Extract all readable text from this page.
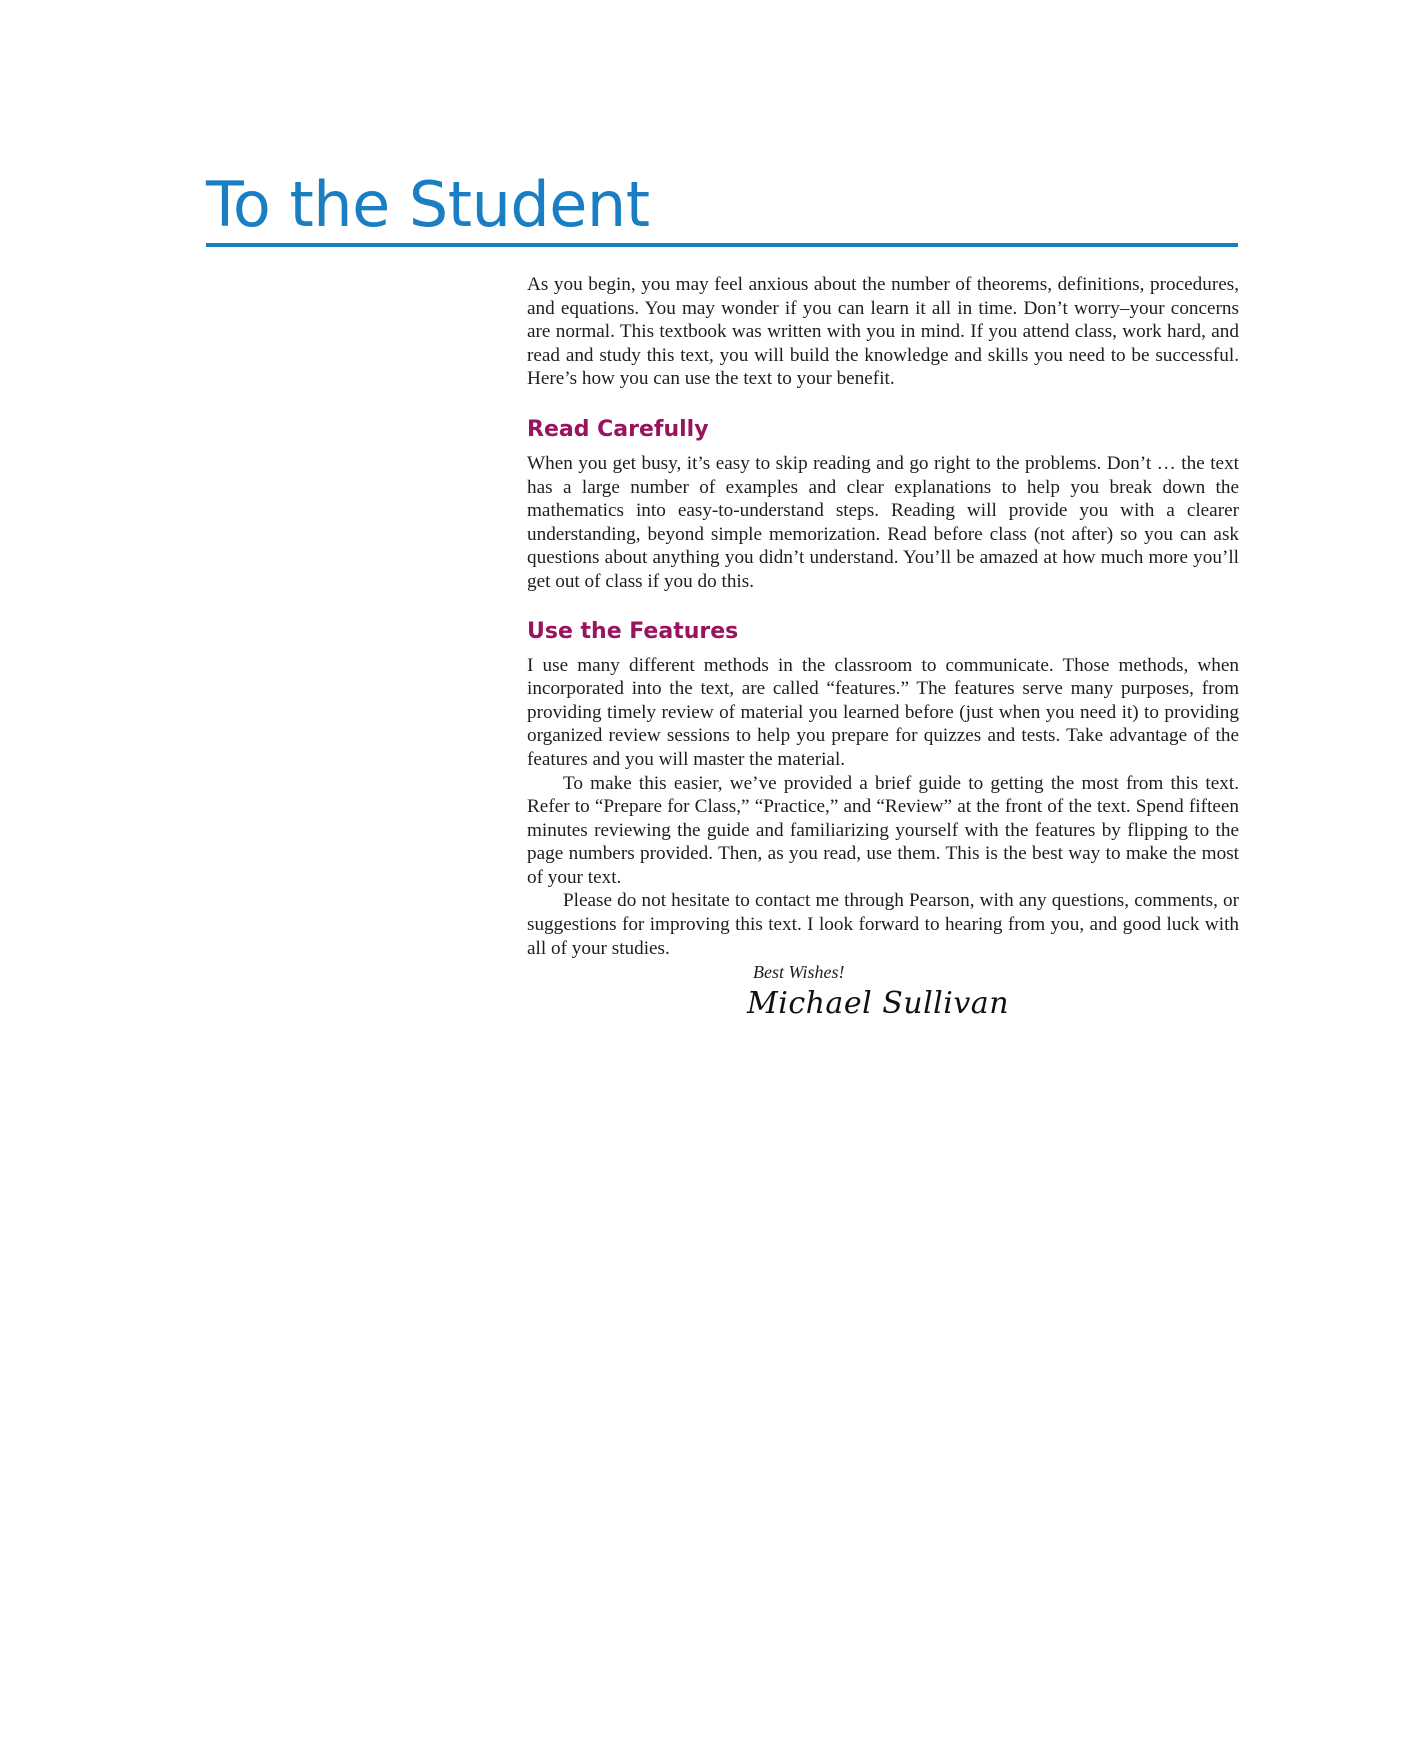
To the Student

As you begin, you may feel anxious about the number of theorems, definitions, procedures, and equations. You may wonder if you can learn it all in time. Don’t worry–your concerns are normal. This textbook was written with you in mind. If you attend class, work hard, and read and study this text, you will build the knowledge and skills you need to be successful. Here’s how you can use the text to your benefit.

Read Carefully

When you get busy, it’s easy to skip reading and go right to the problems. Don’t … the text has a large number of examples and clear explanations to help you break down the mathematics into easy-to-understand steps. Reading will provide you with a clearer understanding, beyond simple memorization. Read before class (not after) so you can ask questions about anything you didn’t understand. You’ll be amazed at how much more you’ll get out of class if you do this.

Use the Features

I use many different methods in the classroom to communicate. Those methods, when incorporated into the text, are called “features.” The features serve many purposes, from providing timely review of material you learned before (just when you need it) to providing organized review sessions to help you prepare for quizzes and tests. Take advantage of the features and you will master the material.

To make this easier, we’ve provided a brief guide to getting the most from this text. Refer to “Prepare for Class,” “Practice,” and “Review” at the front of the text. Spend fifteen minutes reviewing the guide and familiarizing yourself with the features by flipping to the page numbers provided. Then, as you read, use them. This is the best way to make the most of your text.

Please do not hesitate to contact me through Pearson, with any questions, comments, or suggestions for improving this text. I look forward to hearing from you, and good luck with all of your studies.

Best Wishes!

Michael Sullivan
